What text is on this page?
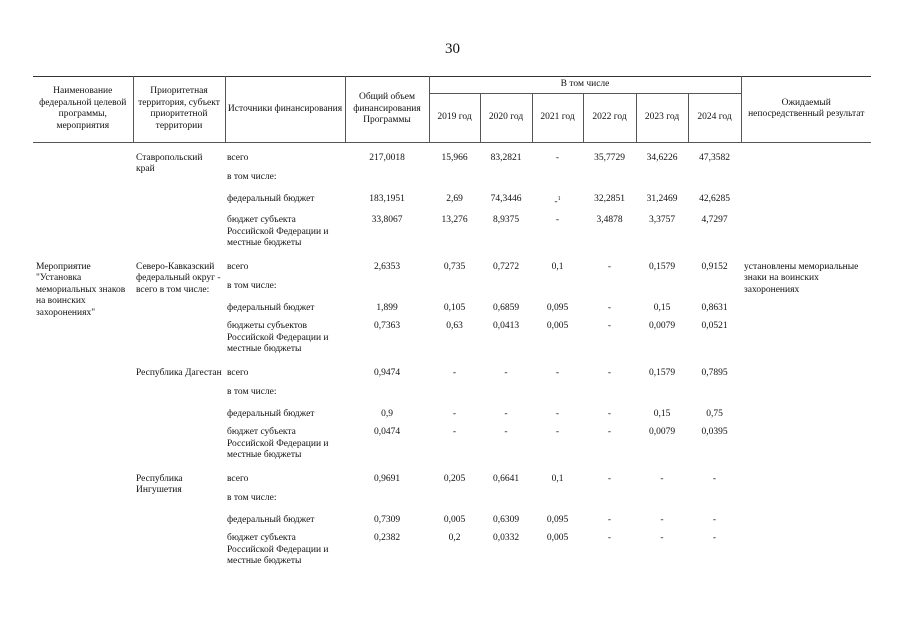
30
Наименование федеральной целевой программы, мероприятия	Приоритетная территория, субъект приоритетной территории	Источники финансирования	Общий объем финансирования Программы	В том числе						Ожидаемый непосредственный результат
				2019 год	2020 год	2021 год	2022 год	2023 год	2024 год	
	Ставропольский край	всего	217,0018	15,966	83,2821	-	35,7729	34,6226	47,3582	
		в том числе:								
		федеральный бюджет	183,1951	2,69	74,3446	-$^1$	32,2851	31,2469	42,6285	
		бюджет субъекта Российской Федерации и местные бюджеты	33,8067	13,276	8,9375	-	3,4878	3,3757	4,7297	
Мероприятие "Установка мемориальных знаков на воинских захоронениях"	Северо-Кавказский федеральный округ - всего в том числе:	всего	2,6353	0,735	0,7272	0,1	-	0,1579	0,9152	установлены мемориальные знаки на воинских захоронениях
		в том числе:								
		федеральный бюджет	1,899	0,105	0,6859	0,095	-	0,15	0,8631	
		бюджеты субъектов Российской Федерации и местные бюджеты	0,7363	0,63	0,0413	0,005	-	0,0079	0,0521	
	Республика Дагестан	всего	0,9474	-	-	-	-	0,1579	0,7895	
		в том числе:								
		федеральный бюджет	0,9	-	-	-	-	0,15	0,75	
		бюджет субъекта Российской Федерации и местные бюджеты	0,0474	-	-	-	-	0,0079	0,0395	
	Республика Ингушетия	всего	0,9691	0,205	0,6641	0,1	-	-	-	
		в том числе:								
		федеральный бюджет	0,7309	0,005	0,6309	0,095	-	-	-	
		бюджет субъекта Российской Федерации и местные бюджеты	0,2382	0,2	0,0332	0,005	-	-	-	
